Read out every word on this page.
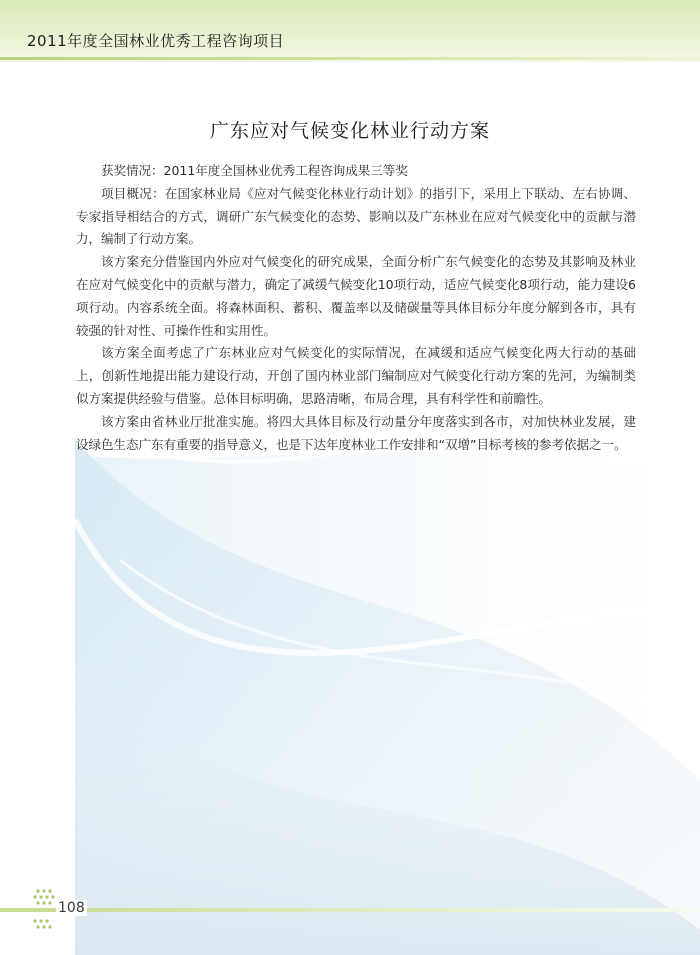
2011年度全国林业优秀工程咨询项目
广东应对气候变化林业行动方案

获奖情况：2011年度全国林业优秀工程咨询成果三等奖

项目概况：在国家林业局《应对气候变化林业行动计划》的指引下，采用上下联动、左右协调、专家指导相结合的方式，调研广东气候变化的态势、影响以及广东林业在应对气候变化中的贡献与潜力，编制了行动方案。

该方案充分借鉴国内外应对气候变化的研究成果，全面分析广东气候变化的态势及其影响及林业在应对气候变化中的贡献与潜力，确定了减缓气候变化10项行动，适应气候变化8项行动，能力建设6项行动。内容系统全面。将森林面积、蓄积、覆盖率以及储碳量等具体目标分年度分解到各市，具有较强的针对性、可操作性和实用性。

该方案全面考虑了广东林业应对气候变化的实际情况，在减缓和适应气候变化两大行动的基础上，创新性地提出能力建设行动，开创了国内林业部门编制应对气候变化行动方案的先河，为编制类似方案提供经验与借鉴。总体目标明确，思路清晰，布局合理，具有科学性和前瞻性。

该方案由省林业厅批准实施。将四大具体目标及行动量分年度落实到各市，对加快林业发展，建设绿色生态广东有重要的指导意义，也是下达年度林业工作安排和“双增”目标考核的参考依据之一。

108
